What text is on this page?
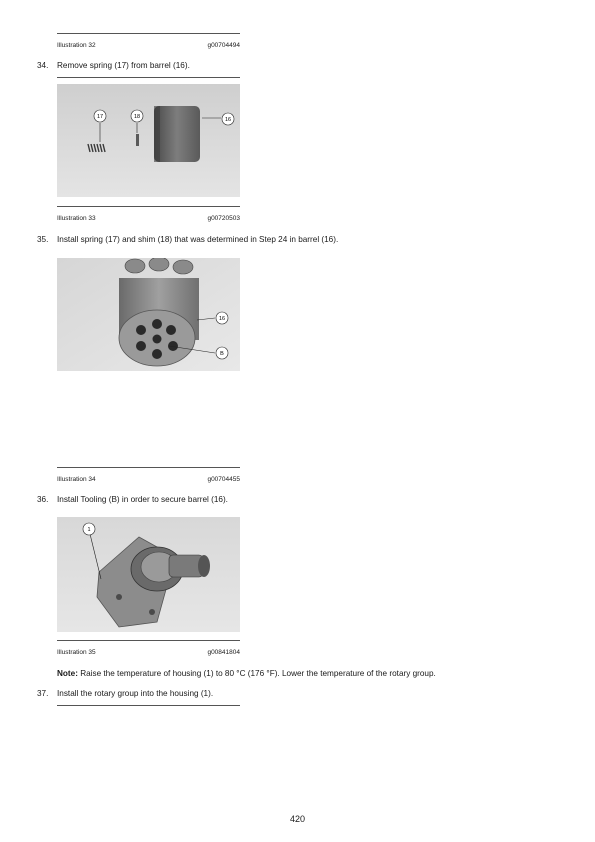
Illustration 32	g00704494
34. Remove spring (17) from barrel (16).
17	18	16
Illustration 33	g00720503
35. Install spring (17) and shim (18) that was determined in Step 24 in barrel (16).
16
B
Illustration 34	g00704455
36. Install Tooling (B) in order to secure barrel (16).
1
Illustration 35	g00841804
Note: Raise the temperature of housing (1) to 80 °C (176 °F). Lower the temperature of the rotary group.
37. Install the rotary group into the housing (1).
420
